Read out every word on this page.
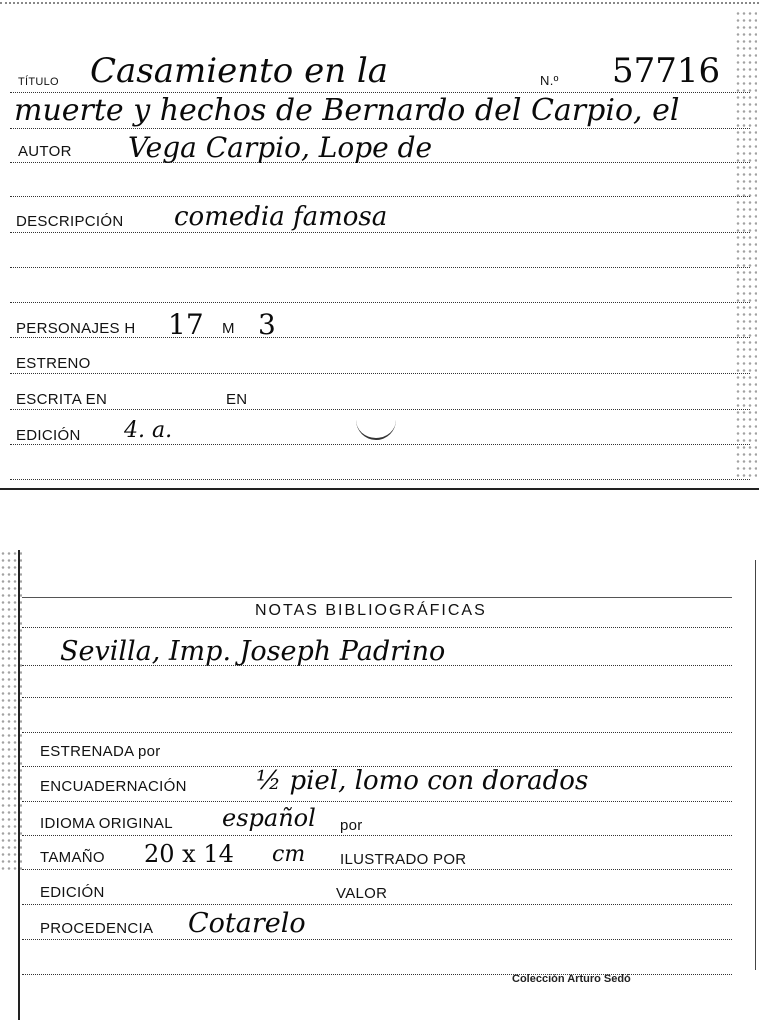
TÍTULO Casamiento en la	N.º 57716
muerte y hechos de Bernardo del Carpio, el
AUTOR Vega Carpio, Lope de
DESCRIPCIÓN comedia famosa
PERSONAJES H 17 M 3
ESTRENO
ESCRITA EN	EN
EDICIÓN 4. a.
NOTAS BIBLIOGRÁFICAS
Sevilla, Imp. Joseph Padrino
ESTRENADA por
ENCUADERNACIÓN	½ piel, lomo con dorados
IDIOMA ORIGINAL español por
TAMAÑO 20 x 14 cm ILUSTRADO POR
EDICIÓN	VALOR
PROCEDENCIA Cotarelo
Colección Arturo Sedó
